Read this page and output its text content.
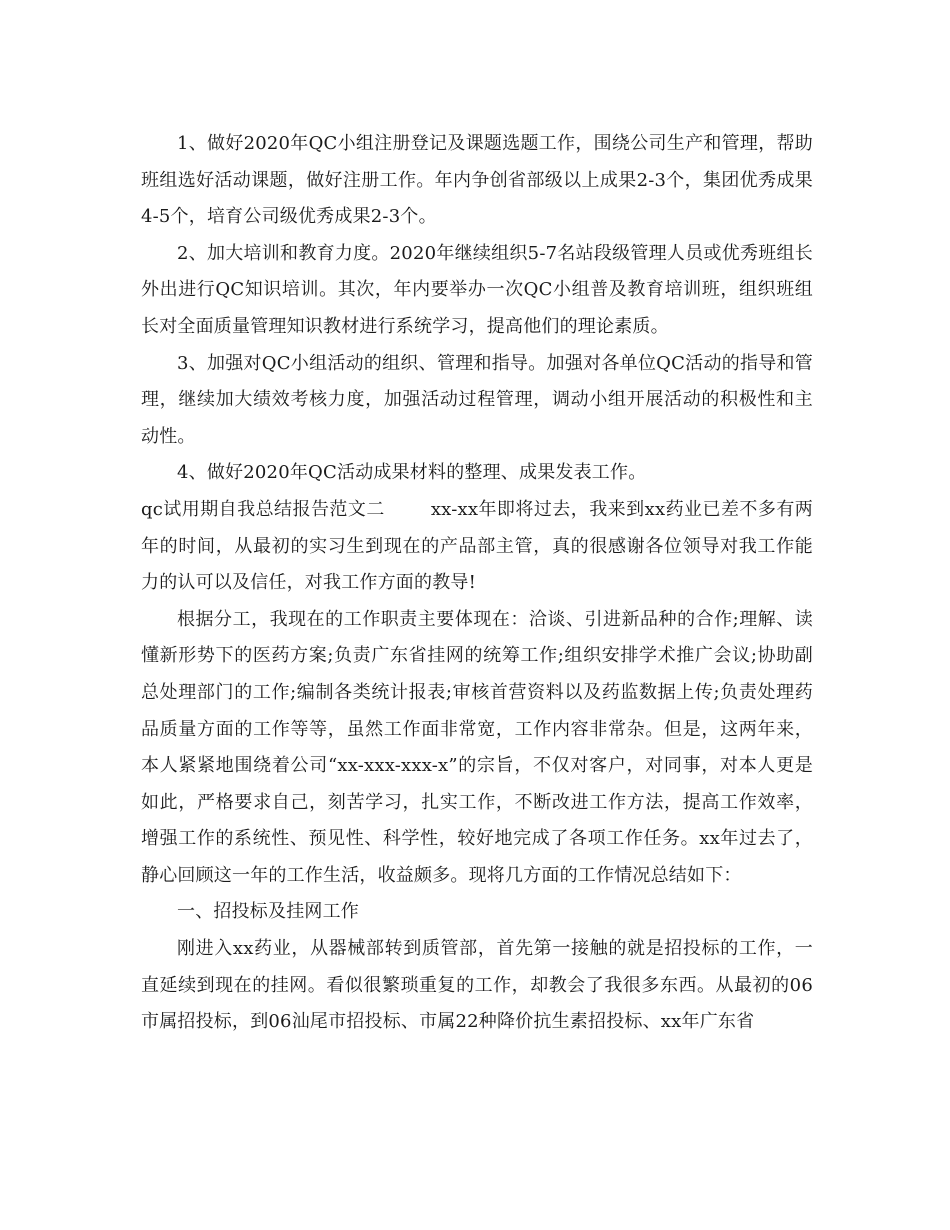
1、做好2020年QC小组注册登记及课题选题工作，围绕公司生产和管理，帮助班组选好活动课题，做好注册工作。年内争创省部级以上成果2-3个，集团优秀成果4-5个，培育公司级优秀成果2-3个。

2、加大培训和教育力度。2020年继续组织5-7名站段级管理人员或优秀班组长外出进行QC知识培训。其次，年内要举办一次QC小组普及教育培训班，组织班组长对全面质量管理知识教材进行系统学习，提高他们的理论素质。

3、加强对QC小组活动的组织、管理和指导。加强对各单位QC活动的指导和管理，继续加大绩效考核力度，加强活动过程管理，调动小组开展活动的积极性和主动性。

4、做好2020年QC活动成果材料的整理、成果发表工作。

qc试用期自我总结报告范文二	xx-xx年即将过去，我来到xx药业已差不多有两年的时间，从最初的实习生到现在的产品部主管，真的很感谢各位领导对我工作能力的认可以及信任，对我工作方面的教导!

根据分工，我现在的工作职责主要体现在：洽谈、引进新品种的合作;理解、读懂新形势下的医药方案;负责广东省挂网的统筹工作;组织安排学术推广会议;协助副总处理部门的工作;编制各类统计报表;审核首营资料以及药监数据上传;负责处理药品质量方面的工作等等，虽然工作面非常宽，工作内容非常杂。但是，这两年来，本人紧紧地围绕着公司“xx-xxx-xxx-x”的宗旨，不仅对客户，对同事，对本人更是如此，严格要求自己，刻苦学习，扎实工作，不断改进工作方法，提高工作效率，增强工作的系统性、预见性、科学性，较好地完成了各项工作任务。xx年过去了，静心回顾这一年的工作生活，收益颇多。现将几方面的工作情况总结如下：

一、招投标及挂网工作

刚进入xx药业，从器械部转到质管部，首先第一接触的就是招投标的工作，一直延续到现在的挂网。看似很繁琐重复的工作，却教会了我很多东西。从最初的06市属招投标，到06汕尾市招投标、市属22种降价抗生素招投标、xx年广东省
